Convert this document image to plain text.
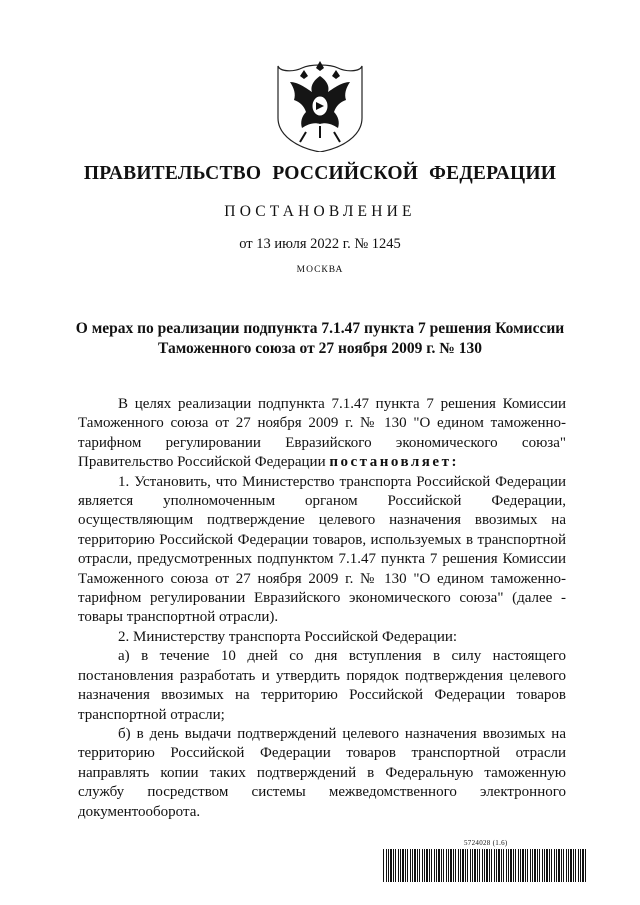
ПРАВИТЕЛЬСТВО РОССИЙСКОЙ ФЕДЕРАЦИИ
ПОСТАНОВЛЕНИЕ
от 13 июля 2022 г. № 1245
МОСКВА
О мерах по реализации подпункта 7.1.47 пункта 7 решения Комиссии Таможенного союза от 27 ноября 2009 г. № 130

В целях реализации подпункта 7.1.47 пункта 7 решения Комиссии Таможенного союза от 27 ноября 2009 г. № 130 "О едином таможенно-тарифном регулировании Евразийского экономического союза" Правительство Российской Федерации постановляет:

1. Установить, что Министерство транспорта Российской Федерации является уполномоченным органом Российской Федерации, осуществляющим подтверждение целевого назначения ввозимых на территорию Российской Федерации товаров, используемых в транспортной отрасли, предусмотренных подпунктом 7.1.47 пункта 7 решения Комиссии Таможенного союза от 27 ноября 2009 г. № 130 "О едином таможенно-тарифном регулировании Евразийского экономического союза" (далее - товары транспортной отрасли).

2. Министерству транспорта Российской Федерации:

а) в течение 10 дней со дня вступления в силу настоящего постановления разработать и утвердить порядок подтверждения целевого назначения ввозимых на территорию Российской Федерации товаров транспортной отрасли;

б) в день выдачи подтверждений целевого назначения ввозимых на территорию Российской Федерации товаров транспортной отрасли направлять копии таких подтверждений в Федеральную таможенную службу посредством системы межведомственного электронного документооборота.

5724028 (1.6)
